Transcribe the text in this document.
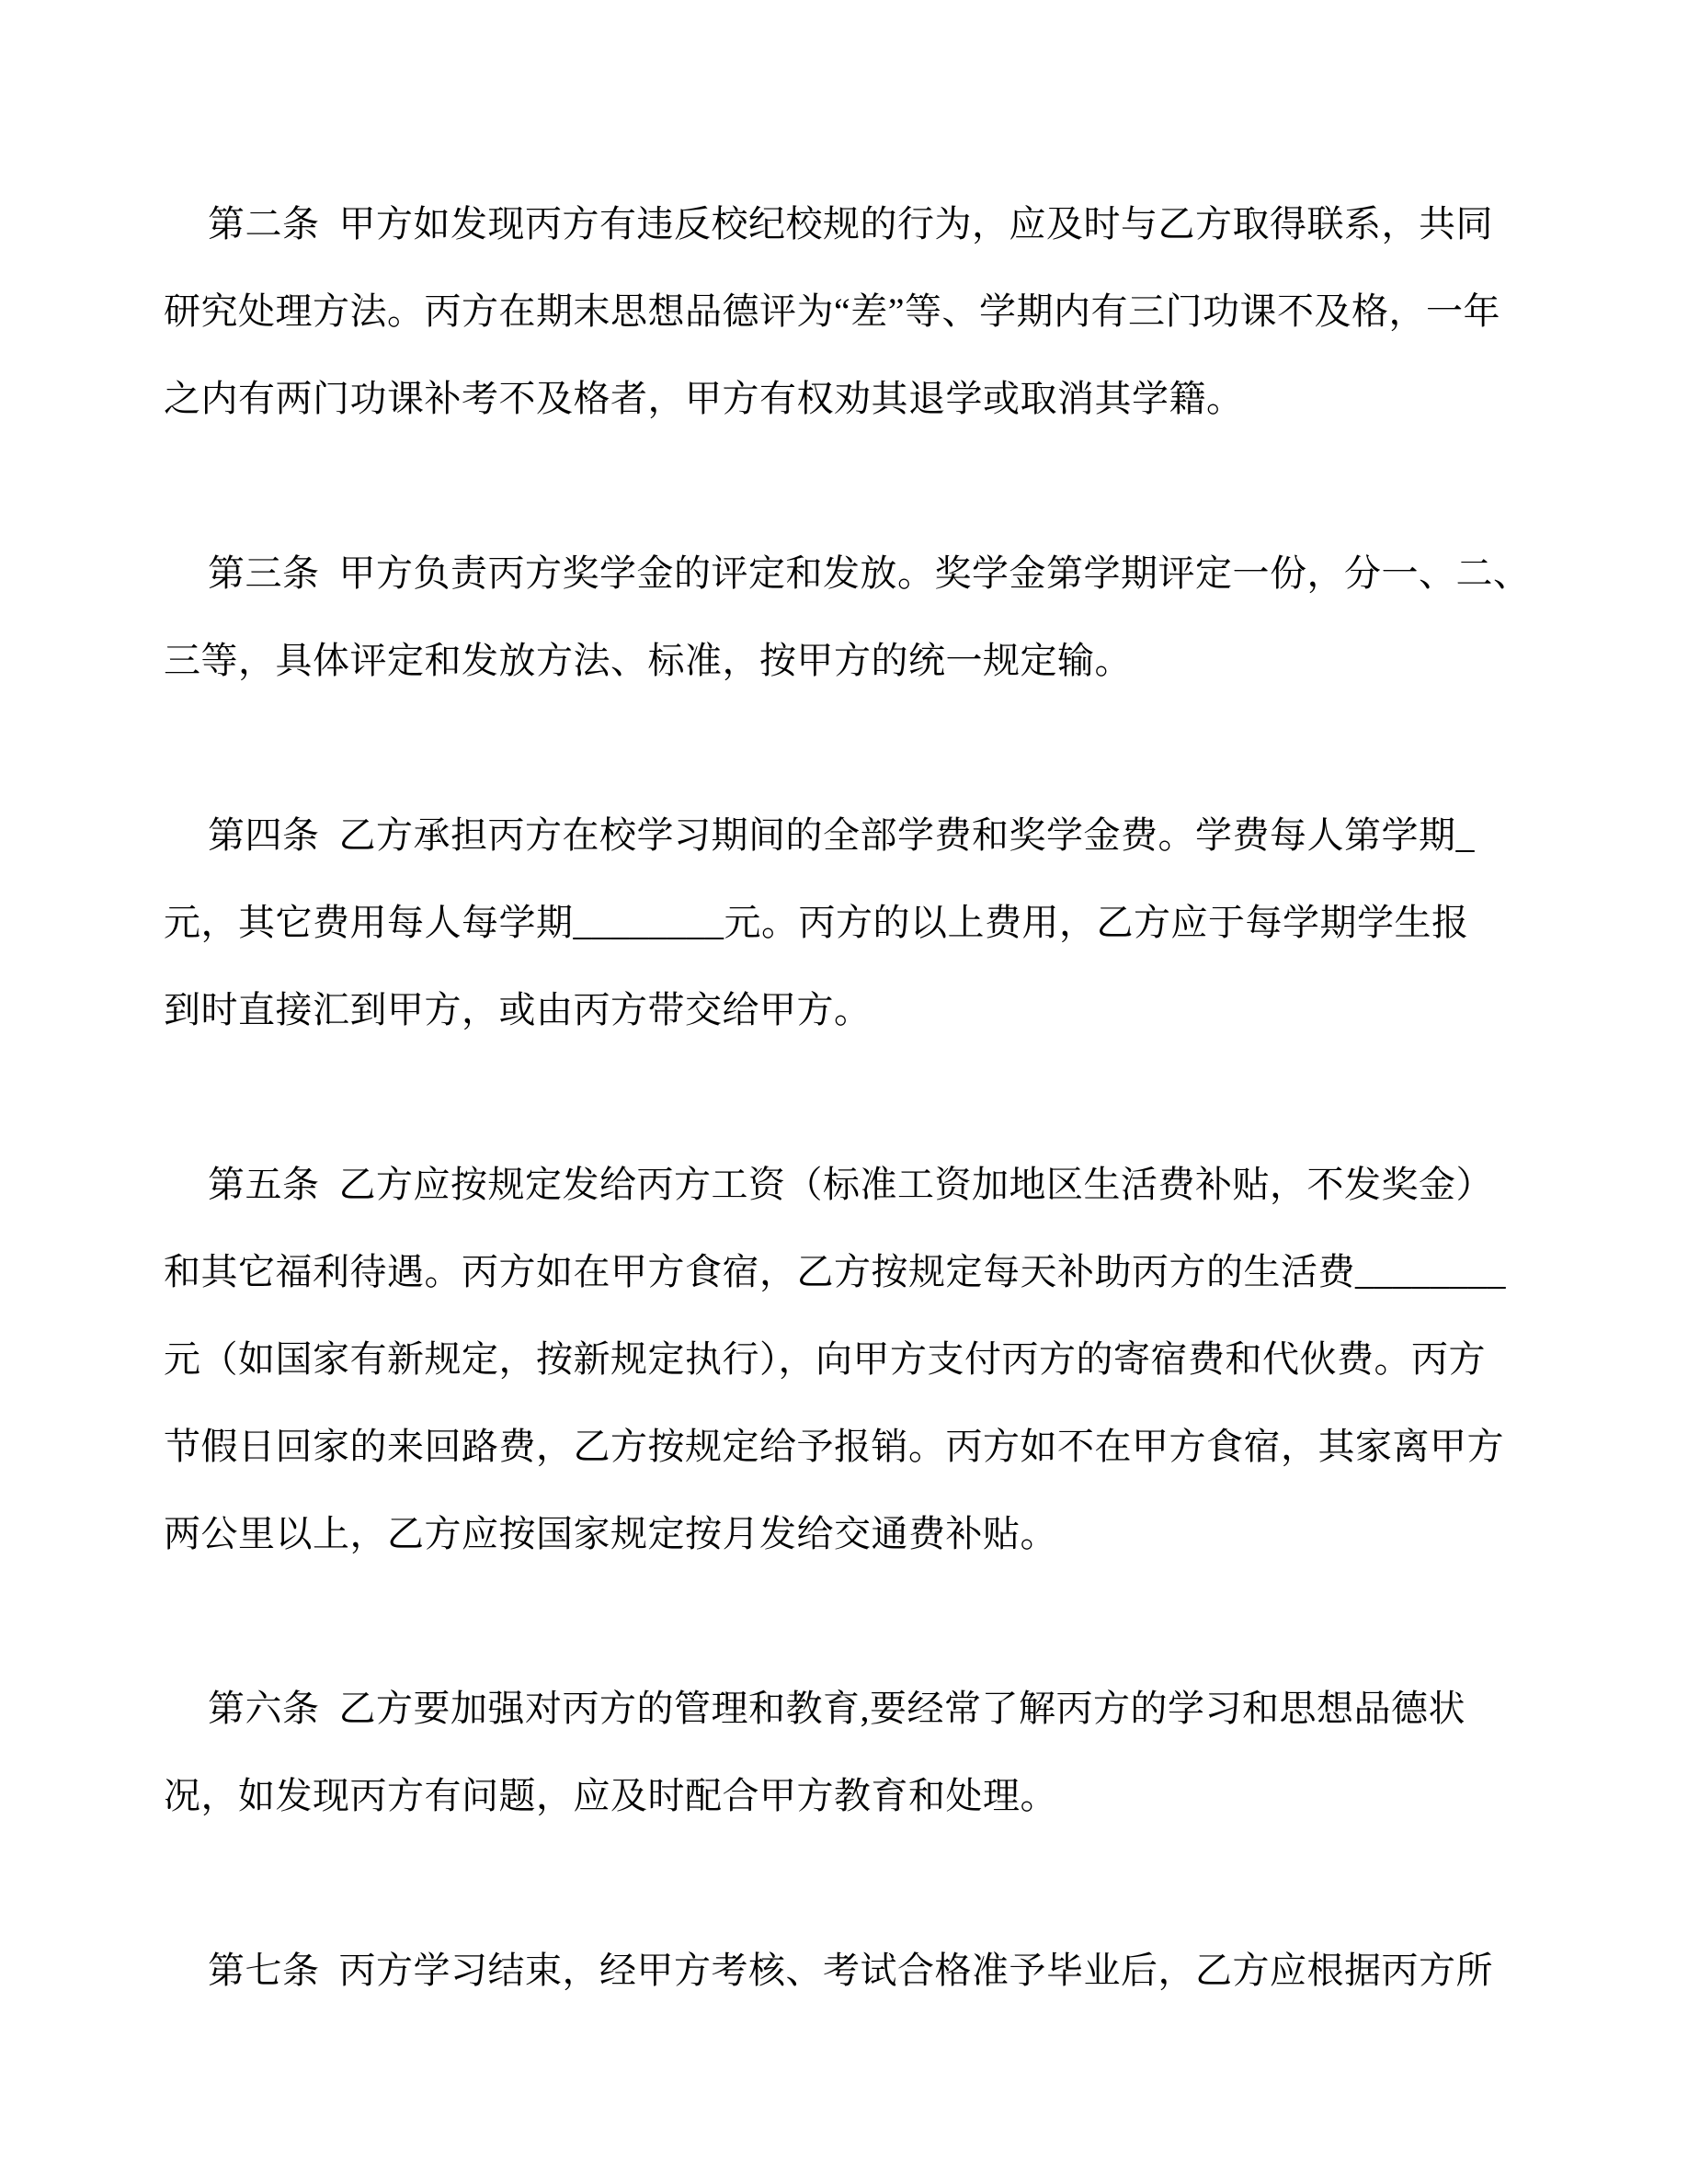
第二条  甲方如发现丙方有违反校纪校规的行为，应及时与乙方取得联系，共同
研究处理方法。丙方在期末思想品德评为“差”等、学期内有三门功课不及格，一年
之内有两门功课补考不及格者，甲方有权劝其退学或取消其学籍。
第三条  甲方负责丙方奖学金的评定和发放。奖学金第学期评定一份，分一、二、
三等，具体评定和发放方法、标准，按甲方的统一规定输。
第四条  乙方承担丙方在校学习期间的全部学费和奖学金费。学费每人第学期_
元，其它费用每人每学期________元。丙方的以上费用，乙方应于每学期学生报
到时直接汇到甲方，或由丙方带交给甲方。
第五条  乙方应按规定发给丙方工资（标准工资加地区生活费补贴，不发奖金）
和其它福利待遇。丙方如在甲方食宿，乙方按规定每天补助丙方的生活费________
元（如国家有新规定，按新规定执行），向甲方支付丙方的寄宿费和代伙费。丙方
节假日回家的来回路费，乙方按规定给予报销。丙方如不在甲方食宿，其家离甲方
两公里以上，乙方应按国家规定按月发给交通费补贴。
第六条  乙方要加强对丙方的管理和教育,要经常了解丙方的学习和思想品德状
况，如发现丙方有问题，应及时配合甲方教育和处理。
第七条  丙方学习结束，经甲方考核、考试合格准予毕业后，乙方应根据丙方所
